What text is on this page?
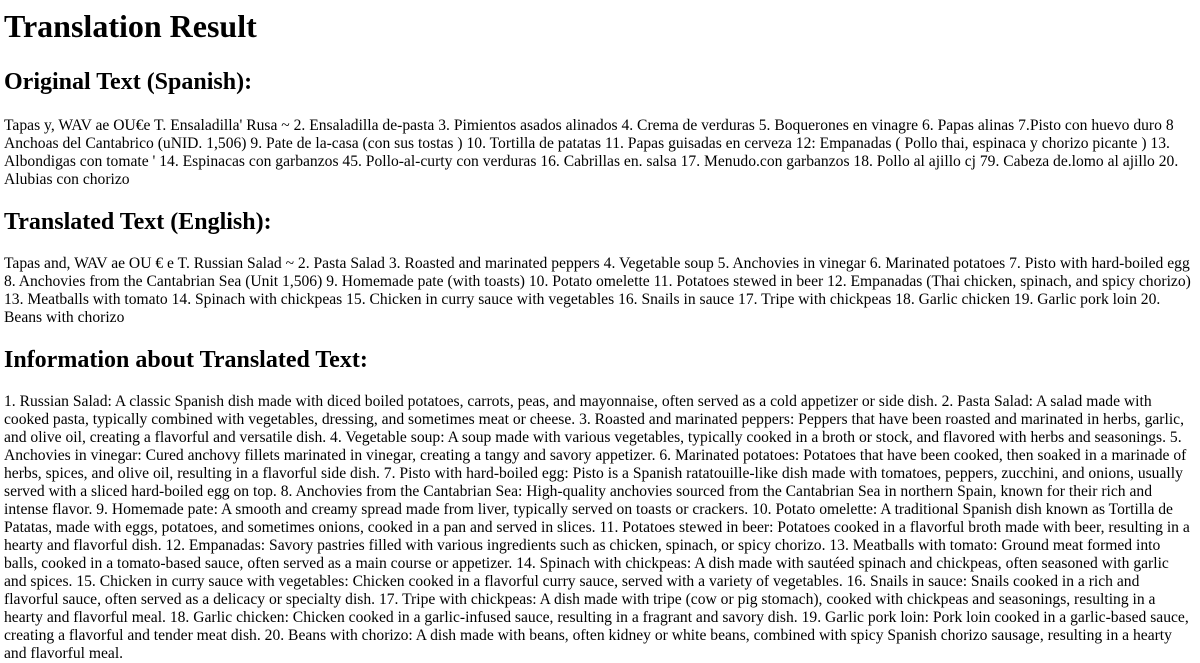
Translation Result
Original Text (Spanish):

Tapas y, WAV ae OU€e T. Ensaladilla' Rusa ~ 2. Ensaladilla de-pasta 3. Pimientos asados alinados 4. Crema de verduras 5. Boquerones en vinagre 6. Papas alinas 7.Pisto con huevo duro 8 Anchoas del Cantabrico (uNID. 1,506) 9. Pate de la-casa (con sus tostas ) 10. Tortilla de patatas 11. Papas guisadas en cerveza 12: Empanadas ( Pollo thai, espinaca y chorizo picante ) 13. Albondigas con tomate ' 14. Espinacas con garbanzos 45. Pollo-al-curty con verduras 16. Cabrillas en. salsa 17. Menudo.con garbanzos 18. Pollo al ajillo cj 79. Cabeza de.lomo al ajillo 20. Alubias con chorizo

Translated Text (English):

Tapas and, WAV ae OU € e T. Russian Salad ~ 2. Pasta Salad 3. Roasted and marinated peppers 4. Vegetable soup 5. Anchovies in vinegar 6. Marinated potatoes 7. Pisto with hard-boiled egg 8. Anchovies from the Cantabrian Sea (Unit 1,506) 9. Homemade pate (with toasts) 10. Potato omelette 11. Potatoes stewed in beer 12. Empanadas (Thai chicken, spinach, and spicy chorizo) 13. Meatballs with tomato 14. Spinach with chickpeas 15. Chicken in curry sauce with vegetables 16. Snails in sauce 17. Tripe with chickpeas 18. Garlic chicken 19. Garlic pork loin 20. Beans with chorizo

Information about Translated Text:

1. Russian Salad: A classic Spanish dish made with diced boiled potatoes, carrots, peas, and mayonnaise, often served as a cold appetizer or side dish. 2. Pasta Salad: A salad made with cooked pasta, typically combined with vegetables, dressing, and sometimes meat or cheese. 3. Roasted and marinated peppers: Peppers that have been roasted and marinated in herbs, garlic, and olive oil, creating a flavorful and versatile dish. 4. Vegetable soup: A soup made with various vegetables, typically cooked in a broth or stock, and flavored with herbs and seasonings. 5. Anchovies in vinegar: Cured anchovy fillets marinated in vinegar, creating a tangy and savory appetizer. 6. Marinated potatoes: Potatoes that have been cooked, then soaked in a marinade of herbs, spices, and olive oil, resulting in a flavorful side dish. 7. Pisto with hard-boiled egg: Pisto is a Spanish ratatouille-like dish made with tomatoes, peppers, zucchini, and onions, usually served with a sliced hard-boiled egg on top. 8. Anchovies from the Cantabrian Sea: High-quality anchovies sourced from the Cantabrian Sea in northern Spain, known for their rich and intense flavor. 9. Homemade pate: A smooth and creamy spread made from liver, typically served on toasts or crackers. 10. Potato omelette: A traditional Spanish dish known as Tortilla de Patatas, made with eggs, potatoes, and sometimes onions, cooked in a pan and served in slices. 11. Potatoes stewed in beer: Potatoes cooked in a flavorful broth made with beer, resulting in a hearty and flavorful dish. 12. Empanadas: Savory pastries filled with various ingredients such as chicken, spinach, or spicy chorizo. 13. Meatballs with tomato: Ground meat formed into balls, cooked in a tomato-based sauce, often served as a main course or appetizer. 14. Spinach with chickpeas: A dish made with sautéed spinach and chickpeas, often seasoned with garlic and spices. 15. Chicken in curry sauce with vegetables: Chicken cooked in a flavorful curry sauce, served with a variety of vegetables. 16. Snails in sauce: Snails cooked in a rich and flavorful sauce, often served as a delicacy or specialty dish. 17. Tripe with chickpeas: A dish made with tripe (cow or pig stomach), cooked with chickpeas and seasonings, resulting in a hearty and flavorful meal. 18. Garlic chicken: Chicken cooked in a garlic-infused sauce, resulting in a fragrant and savory dish. 19. Garlic pork loin: Pork loin cooked in a garlic-based sauce, creating a flavorful and tender meat dish. 20. Beans with chorizo: A dish made with beans, often kidney or white beans, combined with spicy Spanish chorizo sausage, resulting in a hearty and flavorful meal.
